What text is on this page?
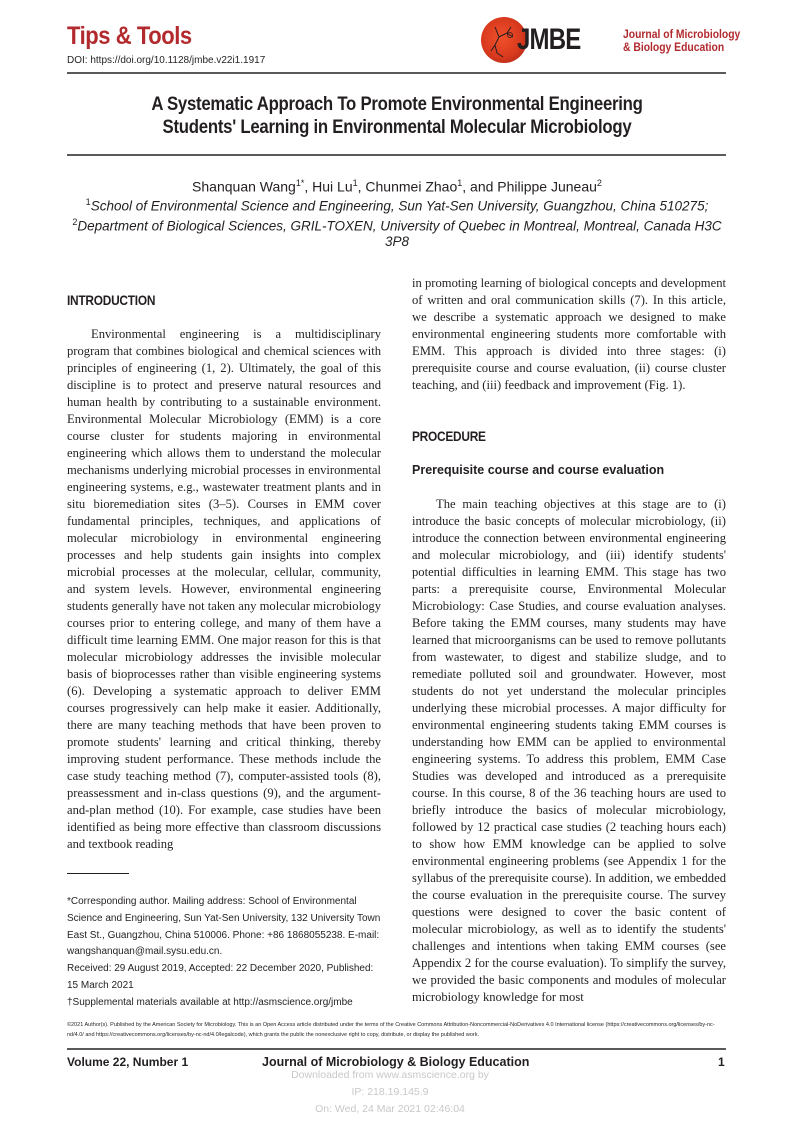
Tips & Tools
DOI: https://doi.org/10.1128/jmbe.v22i1.1917
JMBE	Journal of Microbiology
& Biology Education
A Systematic Approach To Promote Environmental Engineering
Students' Learning in Environmental Molecular Microbiology
Shanquan Wang$^{1*}$, Hui Lu$^1$, Chunmei Zhao$^1$, and Philippe Juneau$^2$
$^1$School of Environmental Science and Engineering, Sun Yat-Sen University, Guangzhou, China 510275;
$^2$Department of Biological Sciences, GRIL-TOXEN, University of Quebec in Montreal, Montreal, Canada H3C 3P8
INTRODUCTION

Environmental engineering is a multidisciplinary program that combines biological and chemical sciences with principles of engineering (1, 2). Ultimately, the goal of this discipline is to protect and preserve natural resources and human health by contributing to a sustainable environment. Environmental Molecular Microbiology (EMM) is a core course cluster for students majoring in environmental engineering which allows them to understand the molecular mechanisms underlying microbial processes in environmental engineering systems, e.g., wastewater treatment plants and in situ bioremediation sites (3–5). Courses in EMM cover fundamental principles, techniques, and applications of molecular microbiology in environmental engineering processes and help students gain insights into complex microbial processes at the molecular, cellular, community, and system levels. However, environmental engineering students generally have not taken any molecular microbiology courses prior to entering college, and many of them have a difficult time learning EMM. One major reason for this is that molecular microbiology addresses the invisible molecular basis of bioprocesses rather than visible engineering systems (6). Developing a systematic approach to deliver EMM courses progressively can help make it easier. Additionally, there are many teaching methods that have been proven to promote students' learning and critical thinking, thereby improving student performance. These methods include the case study teaching method (7), computer-assisted tools (8), preassessment and in-class questions (9), and the argument-and-plan method (10). For example, case studies have been identified as being more effective than classroom discussions and textbook reading

*Corresponding author. Mailing address: School of Environmental Science and Engineering, Sun Yat-Sen University, 132 University Town East St., Guangzhou, China 510006. Phone: +86 1868055238. E-mail: wangshanquan@mail.sysu.edu.cn.

Received: 29 August 2019, Accepted: 22 December 2020, Published: 15 March 2021

†Supplemental materials available at http://asmscience.org/jmbe

in promoting learning of biological concepts and development of written and oral communication skills (7). In this article, we describe a systematic approach we designed to make environmental engineering students more comfortable with EMM. This approach is divided into three stages: (i) prerequisite course and course evaluation, (ii) course cluster teaching, and (iii) feedback and improvement (Fig. 1).

PROCEDURE
Prerequisite course and course evaluation

The main teaching objectives at this stage are to (i) introduce the basic concepts of molecular microbiology, (ii) introduce the connection between environmental engineering and molecular microbiology, and (iii) identify students' potential difficulties in learning EMM. This stage has two parts: a prerequisite course, Environmental Molecular Microbiology: Case Studies, and course evaluation analyses. Before taking the EMM courses, many students may have learned that microorganisms can be used to remove pollutants from wastewater, to digest and stabilize sludge, and to remediate polluted soil and groundwater. However, most students do not yet understand the molecular principles underlying these microbial processes. A major difficulty for environmental engineering students taking EMM courses is understanding how EMM can be applied to environmental engineering systems. To address this problem, EMM Case Studies was developed and introduced as a prerequisite course. In this course, 8 of the 36 teaching hours are used to briefly introduce the basics of molecular microbiology, followed by 12 practical case studies (2 teaching hours each) to show how EMM knowledge can be applied to solve environmental engineering problems (see Appendix 1 for the syllabus of the prerequisite course). In addition, we embedded the course evaluation in the prerequisite course. The survey questions were designed to cover the basic content of molecular microbiology, as well as to identify the students' challenges and intentions when taking EMM courses (see Appendix 2 for the course evaluation). To simplify the survey, we provided the basic components and modules of molecular microbiology knowledge for most

©2021 Author(s). Published by the American Society for Microbiology. This is an Open Access article distributed under the terms of the Creative Commons Attribution-Noncommercial-NoDerivatives 4.0 International license (https://creativecommons.org/licenses/by-nc-nd/4.0/ and https://creativecommons.org/licenses/by-nc-nd/4.0/legalcode), which grants the public the nonexclusive right to copy, distribute, or display the published work.
Volume 22, Number 1	Journal of Microbiology & Biology Education	1
Downloaded from www.asmscience.org by
IP: 218.19.145.9
On: Wed, 24 Mar 2021 02:46:04
